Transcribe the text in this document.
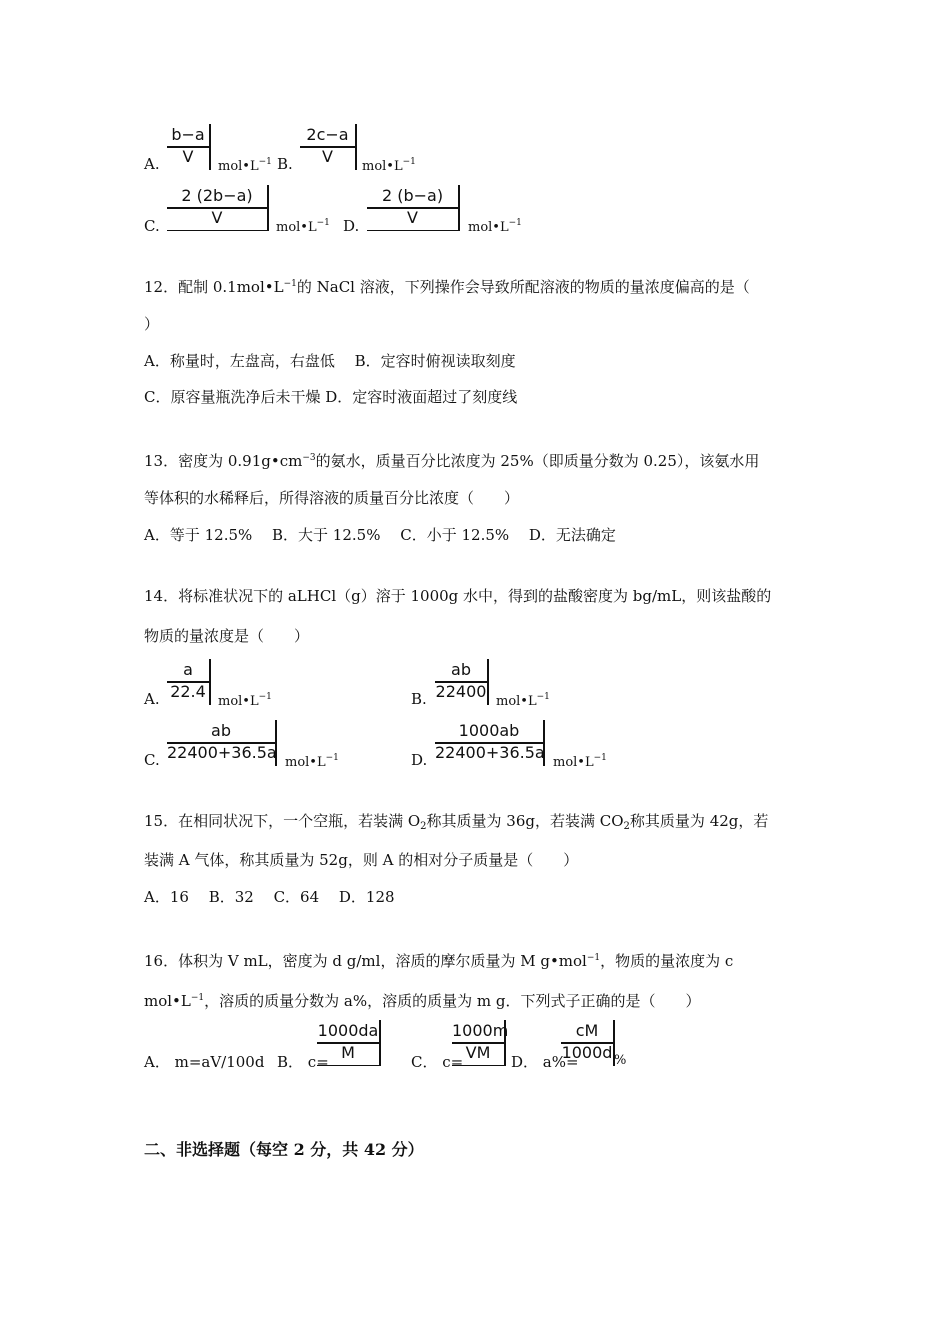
A.
b−a
V
$mol•L^{-1}$ B.
2c−a
V
$mol•L^{-1}$
C.
2 (2b−a)
V
$mol•L^{-1}$ D.
2 (b−a)
V
$mol•L^{-1}$
12．配制 $0.1mol•L^{-1}$的 NaCl 溶液，下列操作会导致所配溶液的物质的量浓度偏高的是（
）
A．称量时，左盘高，右盘低　 B．定容时俯视读取刻度
C．原容量瓶洗净后未干燥 D．定容时液面超过了刻度线
13．密度为 $0.91g•cm^{-3}$的氨水，质量百分比浓度为 25%（即质量分数为 0.25），该氨水用
等体积的水稀释后，所得溶液的质量百分比浓度（　　）
A．等于 12.5%　 B．大于 12.5%　 C．小于 12.5%　 D．无法确定
14．将标准状况下的 aLHCl（g）溶于 1000g 水中，得到的盐酸密度为 bg/mL，则该盐酸的
物质的量浓度是（　　）
A.
a
22.4
$mol•L^{-1}$	B.
ab
22400
$mol•L^{-1}$
C.
ab
22400+36.5a
$mol•L^{-1}$	D.
1000ab
22400+36.5a
$mol•L^{-1}$
15．在相同状况下，一个空瓶，若装满 $O_2$称其质量为 36g，若装满 $CO_2$称其质量为 42g，若
装满 A 气体，称其质量为 52g，则 A 的相对分子质量是（　　）
A．16　 B．32　 C．64　 D．128
16．体积为 V mL，密度为 d g/ml，溶质的摩尔质量为 M g•mol$^{-1}$，物质的量浓度为 c
$mol•L^{-1}$，溶质的质量分数为 a%，溶质的质量为 m g．下列式子正确的是（　　）
A． m=aV/100d B． c=
1000da
M	C． c=
1000m
VM	D． a%=
cM
1000d %
二、非选择题（每空 2 分，共 42 分）
